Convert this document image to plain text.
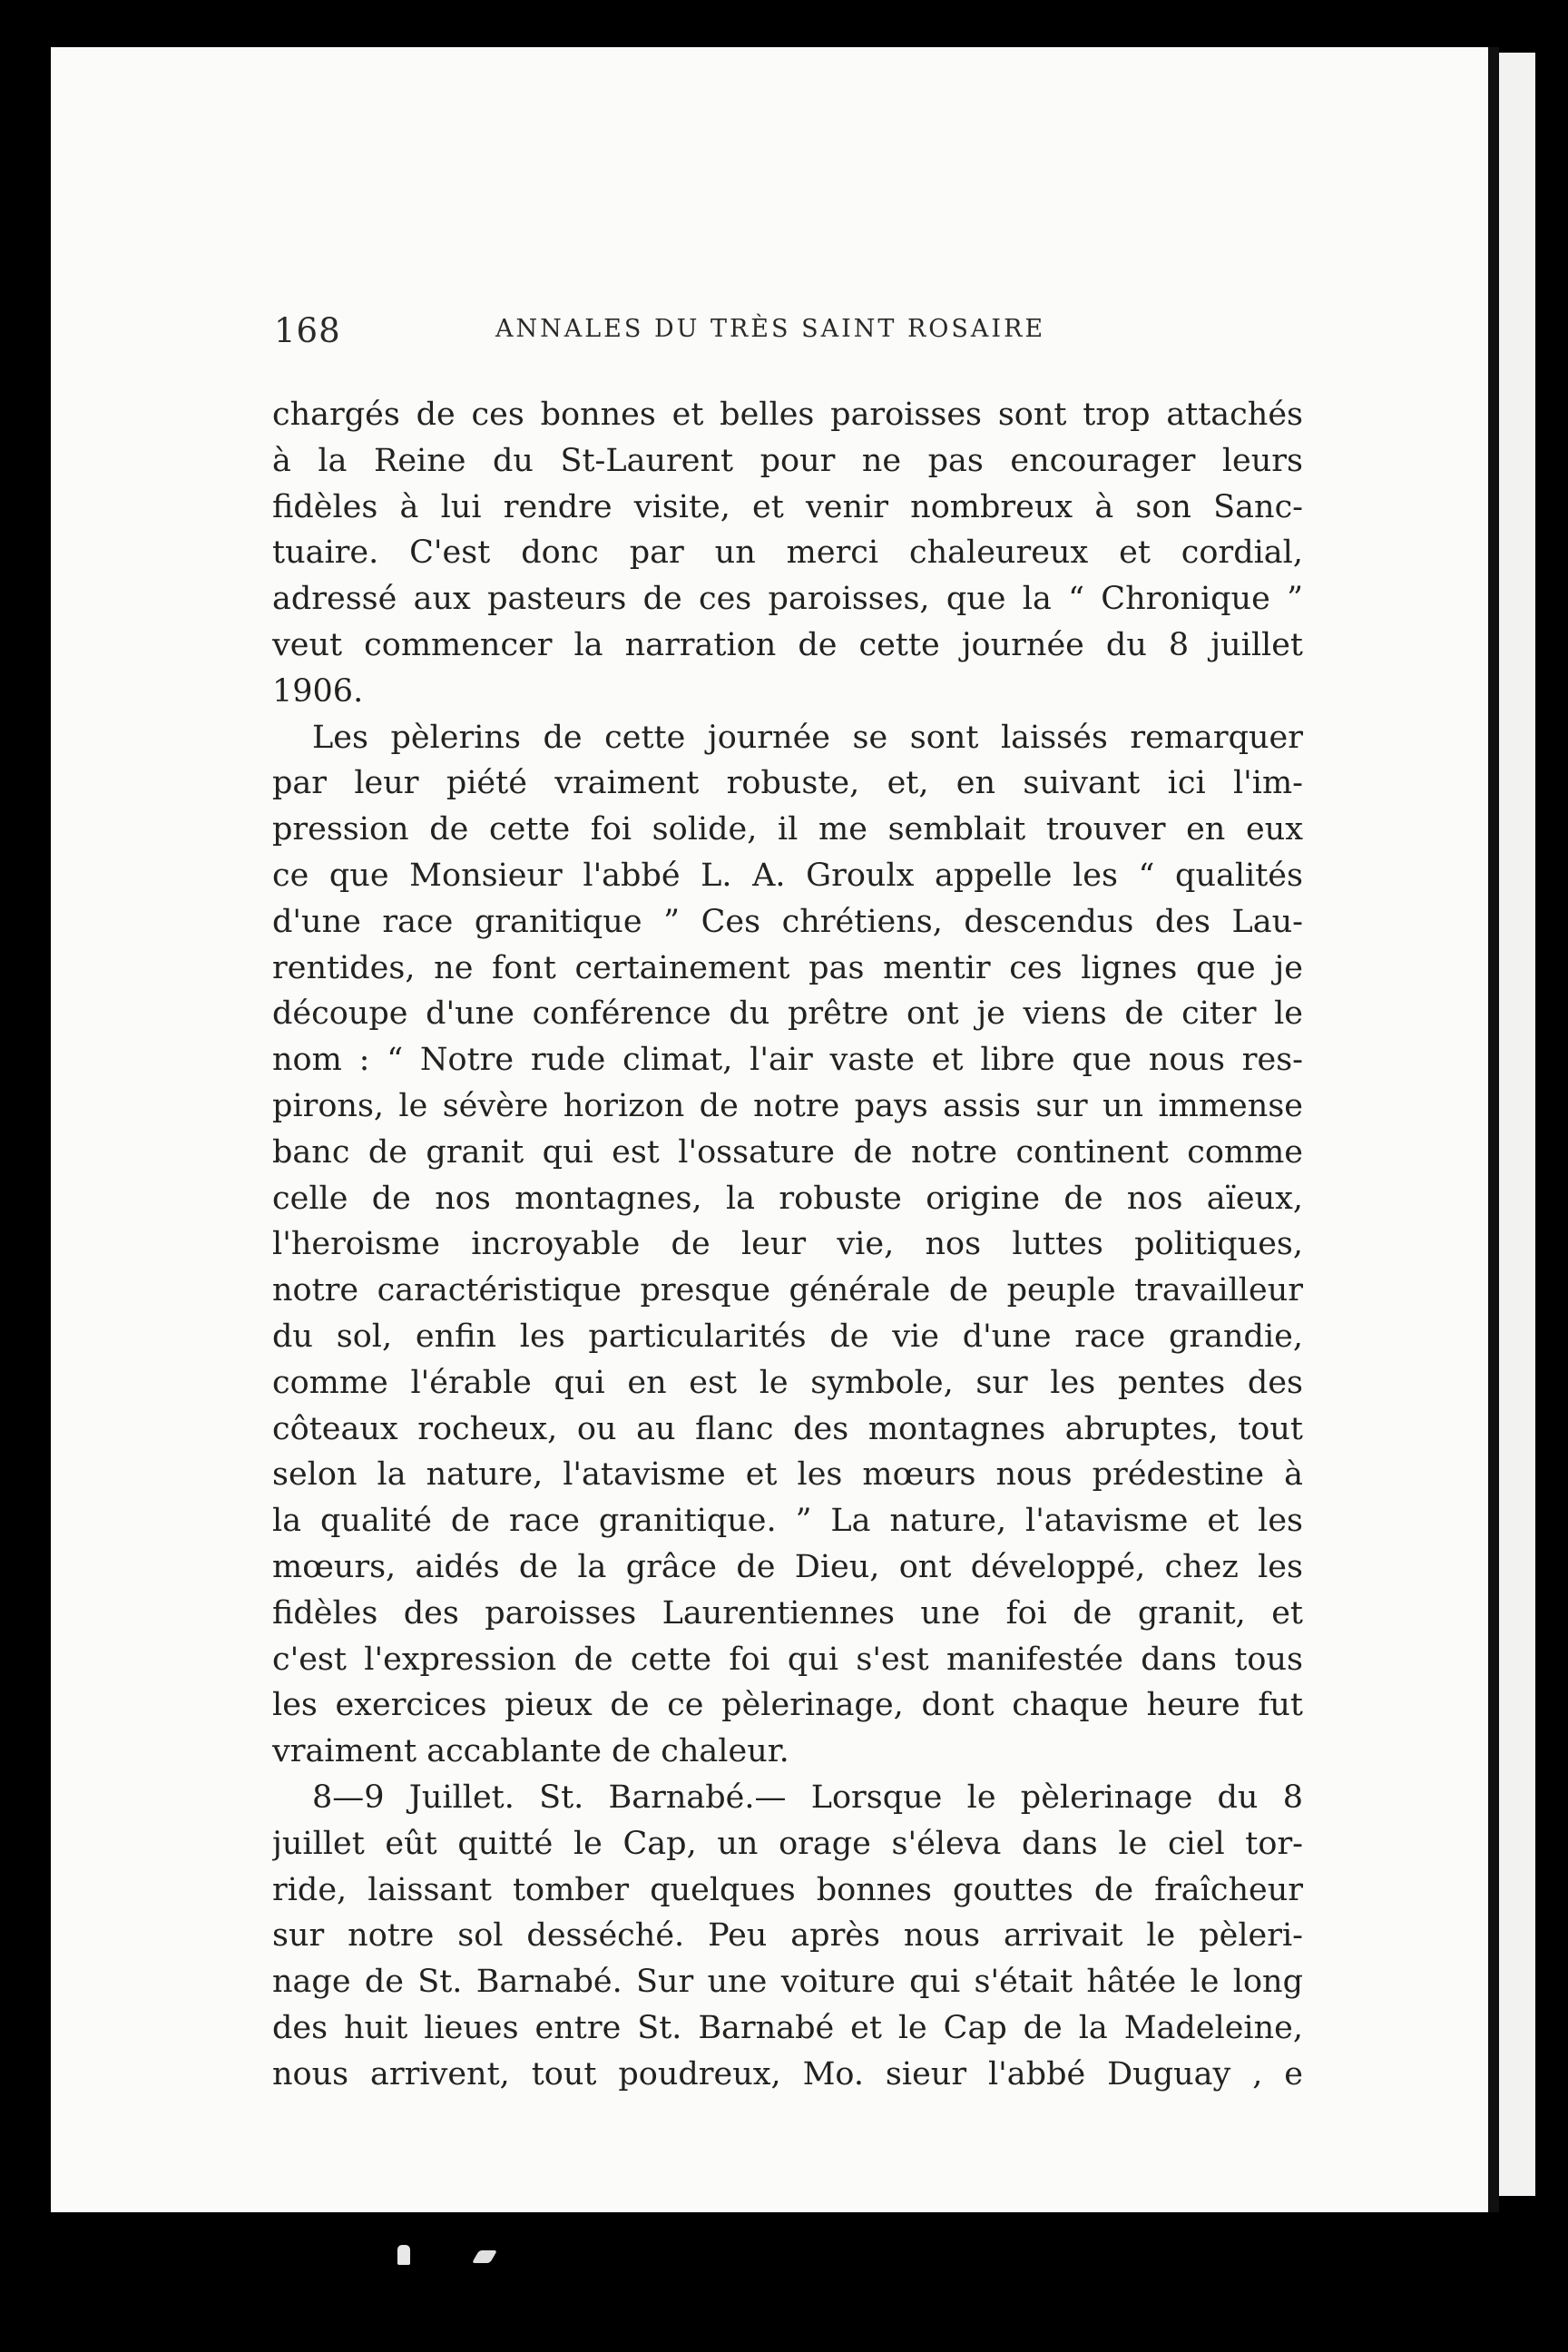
168	ANNALES DU TRÈS SAINT ROSAIRE
chargés de ces bonnes et belles paroisses sont trop attachés
à la Reine du St-Laurent pour ne pas encourager leurs
fidèles à lui rendre visite, et venir nombreux à son Sanc-
tuaire. C'est donc par un merci chaleureux et cordial,
adressé aux pasteurs de ces paroisses, que la “ Chronique ”
veut commencer la narration de cette journée du 8 juillet
1906.
Les pèlerins de cette journée se sont laissés remarquer
par leur piété vraiment robuste, et, en suivant ici l'im-
pression de cette foi solide, il me semblait trouver en eux
ce que Monsieur l'abbé L. A. Groulx appelle les “ qualités
d'une race granitique ” Ces chrétiens, descendus des Lau-
rentides, ne font certainement pas mentir ces lignes que je
découpe d'une conférence du prêtre ont je viens de citer le
nom : “ Notre rude climat, l'air vaste et libre que nous res-
pirons, le sévère horizon de notre pays assis sur un immense
banc de granit qui est l'ossature de notre continent comme
celle de nos montagnes, la robuste origine de nos aïeux,
l'heroisme incroyable de leur vie, nos luttes politiques,
notre caractéristique presque générale de peuple travailleur
du sol, enfin les particularités de vie d'une race grandie,
comme l'érable qui en est le symbole, sur les pentes des
côteaux rocheux, ou au flanc des montagnes abruptes, tout
selon la nature, l'atavisme et les mœurs nous prédestine à
la qualité de race granitique. ” La nature, l'atavisme et les
mœurs, aidés de la grâce de Dieu, ont développé, chez les
fidèles des paroisses Laurentiennes une foi de granit, et
c'est l'expression de cette foi qui s'est manifestée dans tous
les exercices pieux de ce pèlerinage, dont chaque heure fut
vraiment accablante de chaleur.
8—9 Juillet. St. Barnabé.— Lorsque le pèlerinage du 8
juillet eût quitté le Cap, un orage s'éleva dans le ciel tor-
ride, laissant tomber quelques bonnes gouttes de fraîcheur
sur notre sol desséché. Peu après nous arrivait le pèleri-
nage de St. Barnabé. Sur une voiture qui s'était hâtée le long
des huit lieues entre St. Barnabé et le Cap de la Madeleine,
nous arrivent, tout poudreux, Mo. sieur l'abbé Duguay , e
